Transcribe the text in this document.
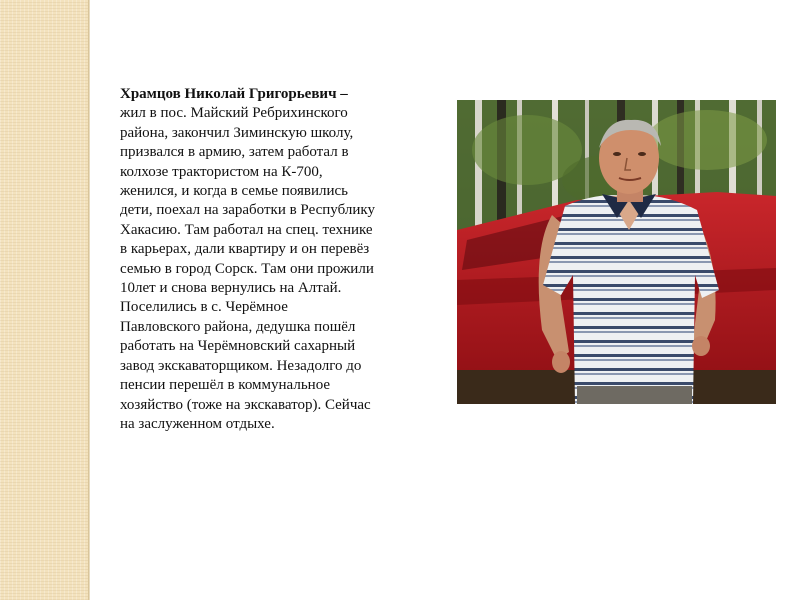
Храмцов Николай Григорьевич –
жил в пос. Майский Ребрихинского
района, закончил Зиминскую школу,
призвался в армию, затем работал в
колхозе трактористом на К-700,
женился, и когда в семье появились
дети, поехал на заработки в Республику
Хакасию. Там работал на спец. технике
в карьерах, дали квартиру и он перевёз
семью в город Сорск. Там они прожили
10лет и снова вернулись на Алтай.
Поселились в с. Черёмное
Павловского района, дедушка пошёл
работать на Черёмновский сахарный
завод экскаваторщиком. Незадолго до
пенсии перешёл в коммунальное
хозяйство (тоже на экскаватор). Сейчас
на заслуженном отдыхе.
